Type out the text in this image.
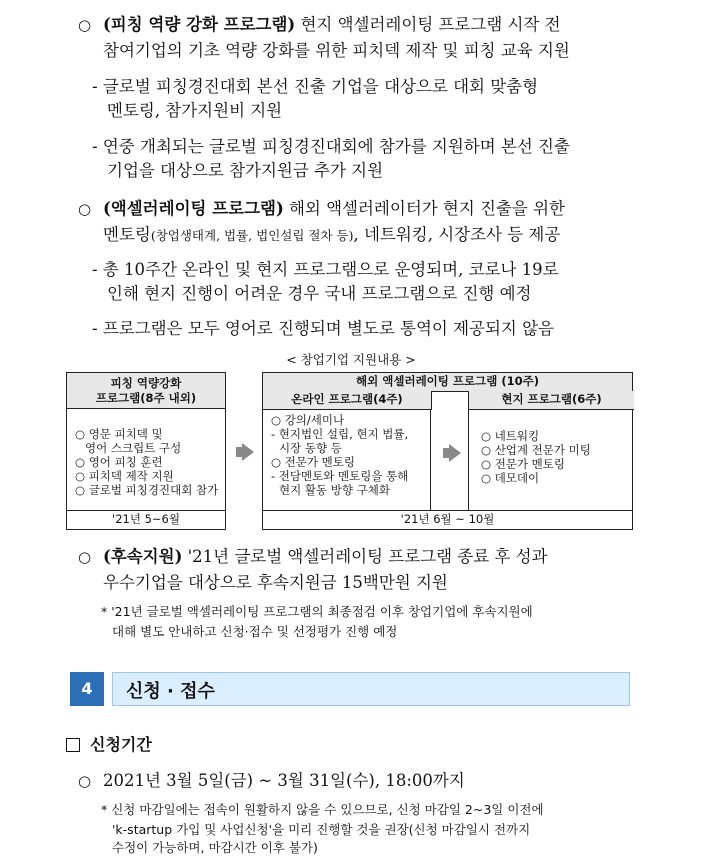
○ (피칭 역량 강화 프로그램) 현지 액셀러레이팅 프로그램 시작 전
참여기업의 기초 역량 강화를 위한 피치덱 제작 및 피칭 교육 지원
- 글로벌 피칭경진대회 본선 진출 기업을 대상으로 대회 맞춤형
멘토링, 참가지원비 지원
- 연중 개최되는 글로벌 피칭경진대회에 참가를 지원하며 본선 진출
기업을 대상으로 참가지원금 추가 지원
○ (액셀러레이팅 프로그램) 해외 액셀러레이터가 현지 진출을 위한
멘토링(창업생태계, 법률, 법인설립 절차 등), 네트워킹, 시장조사 등 제공
- 총 10주간 온라인 및 현지 프로그램으로 운영되며, 코로나 19로
인해 현지 진행이 어려운 경우 국내 프로그램으로 진행 예정
- 프로그램은 모두 영어로 진행되며 별도로 통역이 제공되지 않음
< 창업기업 지원내용 >
피칭 역량강화
프로그램(8주 내외)
○ 영문 피치덱 및
영어 스크립트 구성
○ 영어 피칭 훈련
○ 피치덱 제작 지원
○ 글로벌 피칭경진대회 참가
'21년 5~6월
해외 액셀러레이팅 프로그램 (10주)
온라인 프로그램(4주)	현지 프로그램(6주)
○ 강의/세미나
- 현지법인 설립, 현지 법률,
시장 동향 등
○ 전문가 멘토링
- 전담멘토와 멘토링을 통해
현지 활동 방향 구체화
○ 네트워킹
○ 산업계 전문가 미팅
○ 전문가 멘토링
○ 데모데이
'21년 6월 ~ 10월
○ (후속지원) '21년 글로벌 액셀러레이팅 프로그램 종료 후 성과
우수기업을 대상으로 후속지원금 15백만원 지원
* '21년 글로벌 액셀러레이팅 프로그램의 최종점검 이후 창업기업에 후속지원에
대해 별도 안내하고 신청·접수 및 선정평가 진행 예정
4	신청 · 접수
신청기간
○ 2021년 3월 5일(금) ~ 3월 31일(수), 18:00까지
* 신청 마감일에는 접속이 원활하지 않을 수 있으므로, 신청 마감일 2~3일 이전에
'k-startup 가입 및 사업신청'을 미리 진행할 것을 권장(신청 마감일시 전까지
수정이 가능하며, 마감시간 이후 불가)
